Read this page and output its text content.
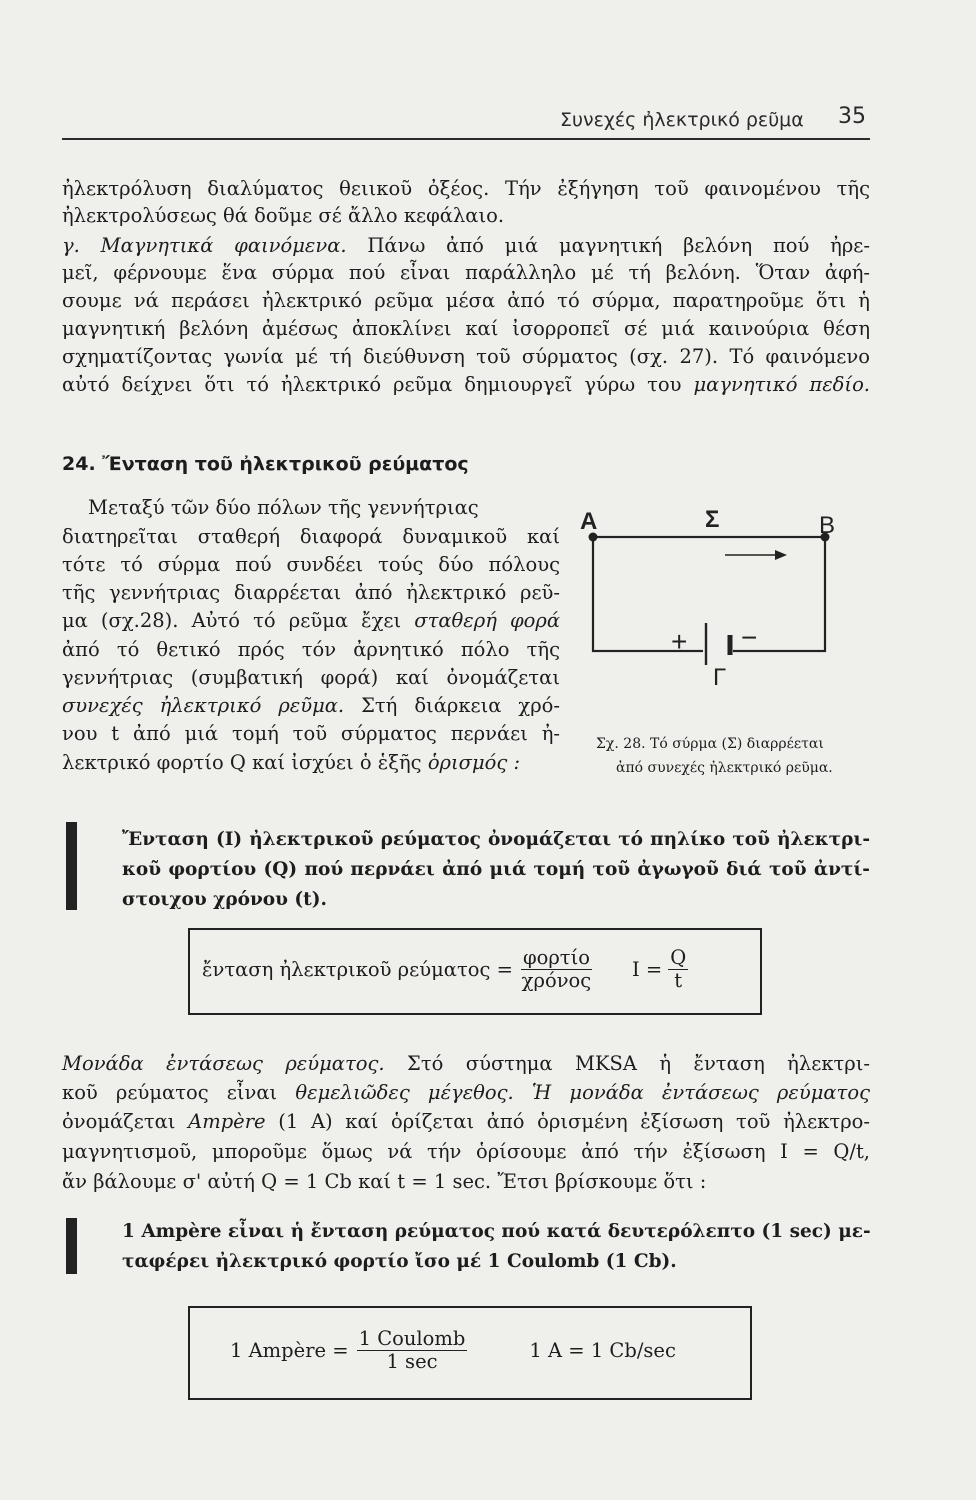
Συνεχές ἠλεκτρικό ρεῦμα 35
ἠλεκτρόλυση διαλύματος θειικοῦ ὀξέος. Τήν ἐξήγηση τοῦ φαινομένου τῆς
ἠλεκτρολύσεως θά δοῦμε σέ ἄλλο κεφάλαιο.
γ. Μαγνητικά φαινόμενα. Πάνω ἀπό μιά μαγνητική βελόνη πού ἠρε-
μεῖ, φέρνουμε ἕνα σύρμα πού εἶναι παράλληλο μέ τή βελόνη. Ὅταν ἀφή-
σουμε νά περάσει ἠλεκτρικό ρεῦμα μέσα ἀπό τό σύρμα, παρατηροῦμε ὅτι ἡ
μαγνητική βελόνη ἀμέσως ἀποκλίνει καί ἰσορροπεῖ σέ μιά καινούρια θέση
σχηματίζοντας γωνία μέ τή διεύθυνση τοῦ σύρματος (σχ. 27). Τό φαινόμενο
αὐτό δείχνει ὅτι τό ἠλεκτρικό ρεῦμα δημιουργεῖ γύρω του μαγνητικό πεδίο.
24. Ἔνταση τοῦ ἠλεκτρικοῦ ρεύματος
Μεταξύ τῶν δύο πόλων τῆς γεννήτριας
διατηρεῖται σταθερή διαφορά δυναμικοῦ καί
τότε τό σύρμα πού συνδέει τούς δύο πόλους
τῆς γεννήτριας διαρρέεται ἀπό ἠλεκτρικό ρεῦ-
μα (σχ.28). Αὐτό τό ρεῦμα ἔχει σταθερή φορά
ἀπό τό θετικό πρός τόν ἀρνητικό πόλο τῆς
γεννήτριας (συμβατική φορά) καί ὀνομάζεται
συνεχές ἠλεκτρικό ρεῦμα. Στή διάρκεια χρό-
νου t ἀπό μιά τομή τοῦ σύρματος περνάει ἠ-
λεκτρικό φορτίο Q καί ἰσχύει ὁ ἑξῆς ὁρισμός :
Α	Σ	Β
+ −
Γ
Σχ. 28. Τό σύρμα (Σ) διαρρέεται
ἀπό συνεχές ἠλεκτρικό ρεῦμα.
Ἔνταση (Ι) ἠλεκτρικοῦ ρεύματος ὀνομάζεται τό πηλίκο τοῦ ἠλεκτρι-
κοῦ φορτίου (Q) πού περνάει ἀπό μιά τομή τοῦ ἀγωγοῦ διά τοῦ ἀντί-
στοιχου χρόνου (t).
ἔνταση ἠλεκτρικοῦ $\rho\varepsilon ύ\mu\alpha\tau o\varsigma = \frac{\text{φορτίο}}{\text{χρόνος}}$ $I = \frac{Q}{t}$
Μονάδα ἐντάσεως ρεύματος. Στό σύστημα MKSA ἡ ἔνταση ἠλεκτρι-
κοῦ ρεύματος εἶναι θεμελιῶδες μέγεθος. Ἡ μονάδα ἐντάσεως ρεύματος
ὀνομάζεται Ampère (1 A) καί ὁρίζεται ἀπό ὁρισμένη ἐξίσωση τοῦ ἠλεκτρο-
μαγνητισμοῦ, μποροῦμε ὅμως νά τήν ὁρίσουμε ἀπό τήν ἐξίσωση I = Q/t,
ἄν βάλουμε σ' αὐτή Q = 1 Cb καί t = 1 sec. Ἔτσι βρίσκουμε ὅτι :
1 Ampère εἶναι ἡ ἔνταση ρεύματος πού κατά δευτερόλεπτο (1 sec) με-
ταφέρει ἠλεκτρικό φορτίο ἴσο μέ 1 Coulomb (1 Cb).
1 Ampère = $\frac{\text{1 Coulomb}}{1 \sec}$	1 A = 1 Cb/sec
